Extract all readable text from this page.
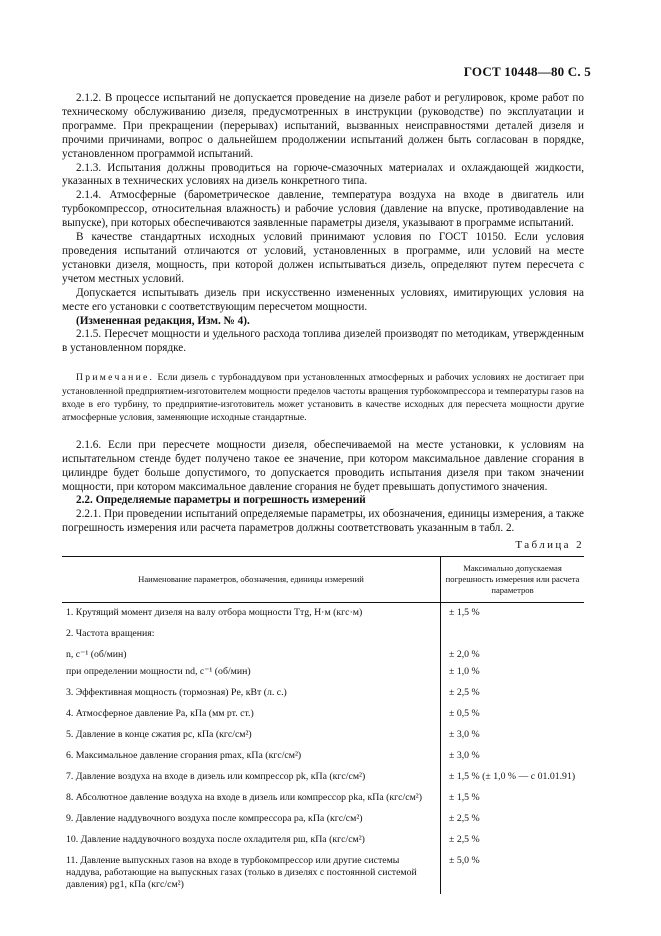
ГОСТ 10448—80 С. 5

2.1.2. В процессе испытаний не допускается проведение на дизеле работ и регулировок, кроме работ по техническому обслуживанию дизеля, предусмотренных в инструкции (руководстве) по эксплуатации и программе. При прекращении (перерывах) испытаний, вызванных неисправностями деталей дизеля и прочими причинами, вопрос о дальнейшем продолжении испытаний должен быть согласован в порядке, установленном программой испытаний.

2.1.3. Испытания должны проводиться на горюче-смазочных материалах и охлаждающей жидкости, указанных в технических условиях на дизель конкретного типа.

2.1.4. Атмосферные (барометрическое давление, температура воздуха на входе в двигатель или турбокомпрессор, относительная влажность) и рабочие условия (давление на впуске, противодавление на выпуске), при которых обеспечиваются заявленные параметры дизеля, указывают в программе испытаний.

В качестве стандартных исходных условий принимают условия по ГОСТ 10150. Если условия проведения испытаний отличаются от условий, установленных в программе, или условий на месте установки дизеля, мощность, при которой должен испытываться дизель, определяют путем пересчета с учетом местных условий.

Допускается испытывать дизель при искусственно измененных условиях, имитирующих условия на месте его установки с соответствующим пересчетом мощности.

(Измененная редакция, Изм. № 4).

2.1.5. Пересчет мощности и удельного расхода топлива дизелей производят по методикам, утвержденным в установленном порядке.

Примечание. Если дизель с турбонаддувом при установленных атмосферных и рабочих условиях не достигает при установленной предприятием-изготовителем мощности пределов частоты вращения турбокомпрессора и температуры газов на входе в его турбину, то предприятие-изготовитель может установить в качестве исходных для пересчета мощности другие атмосферные условия, заменяющие исходные стандартные.

2.1.6. Если при пересчете мощности дизеля, обеспечиваемой на месте установки, к условиям на испытательном стенде будет получено такое ее значение, при котором максимальное давление сгорания в цилиндре будет больше допустимого, то допускается проводить испытания дизеля при таком значении мощности, при котором максимальное давление сгорания не будет превышать допустимого значения.

2.2. Определяемые параметры и погрешность измерений

2.2.1. При проведении испытаний определяемые параметры, их обозначения, единицы измерения, а также погрешность измерения или расчета параметров должны соответствовать указанным в табл. 2.

Таблица 2
Наименование параметров, обозначения, единицы измерений	Максимально допускаемая погрешность измерения или расчета параметров
1. Крутящий момент дизеля на валу отбора мощности Tтg, Н·м (кгс·м)	± 1,5 %
2. Частота вращения:	
n, с⁻¹ (об/мин)	± 2,0 %
при определении мощности nd, с⁻¹ (об/мин)	± 1,0 %
3. Эффективная мощность (тормозная) Pe, кВт (л. с.)	± 2,5 %
4. Атмосферное давление Pa, кПа (мм рт. ст.)	± 0,5 %
5. Давление в конце сжатия pc, кПа (кгс/см²)	± 3,0 %
6. Максимальное давление сгорания pmax, кПа (кгс/см²)	± 3,0 %
7. Давление воздуха на входе в дизель или компрессор pk, кПа (кгс/см²)	± 1,5 % (± 1,0 % — с 01.01.91)
8. Абсолютное давление воздуха на входе в дизель или компрессор pka, кПа (кгс/см²)	± 1,5 %
9. Давление наддувочного воздуха после компрессора pa, кПа (кгс/см²)	± 2,5 %
10. Давление наддувочного воздуха после охладителя pш, кПа (кгс/см²)	± 2,5 %
11. Давление выпускных газов на входе в турбокомпрессор или другие системы наддува, работающие на выпускных газах (только в дизелях с постоянной системой давления) pg1, кПа (кгс/см²)	± 5,0 %
